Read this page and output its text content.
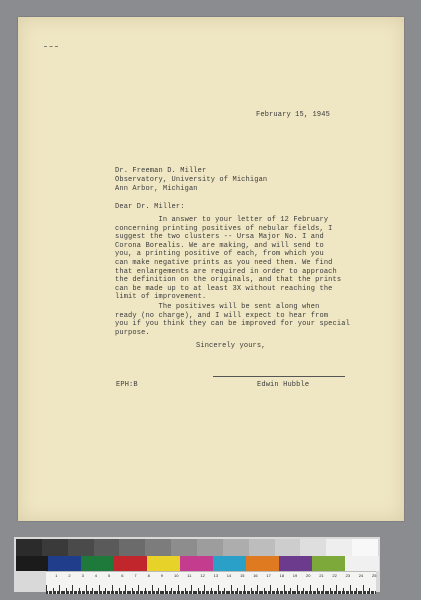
February 15, 1945
Dr. Freeman D. Miller
Observatory, University of Michigan
Ann Arbor, Michigan
Dear Dr. Miller:
In answer to your letter of 12 February
concerning printing positives of nebular fields, I
suggest the two clusters -- Ursa Major No. I and
Corona Borealis. We are making, and will send to
you, a printing positive of each, from which you
can make negative prints as you need them. We find
that enlargements are required in order to approach
the definition on the originals, and that the prints
can be made up to at least 3X without reaching the
limit of improvement.
The positives will be sent along when
ready (no charge), and I will expect to hear from
you if you think they can be improved for your special
purpose.
Sincerely yours,
EPH:B	Edwin Hubble
1	2	3	4	5	6	7	8	9	10 11 12 13 14 15 16 17 18 19 20 21 22 23 24 25
